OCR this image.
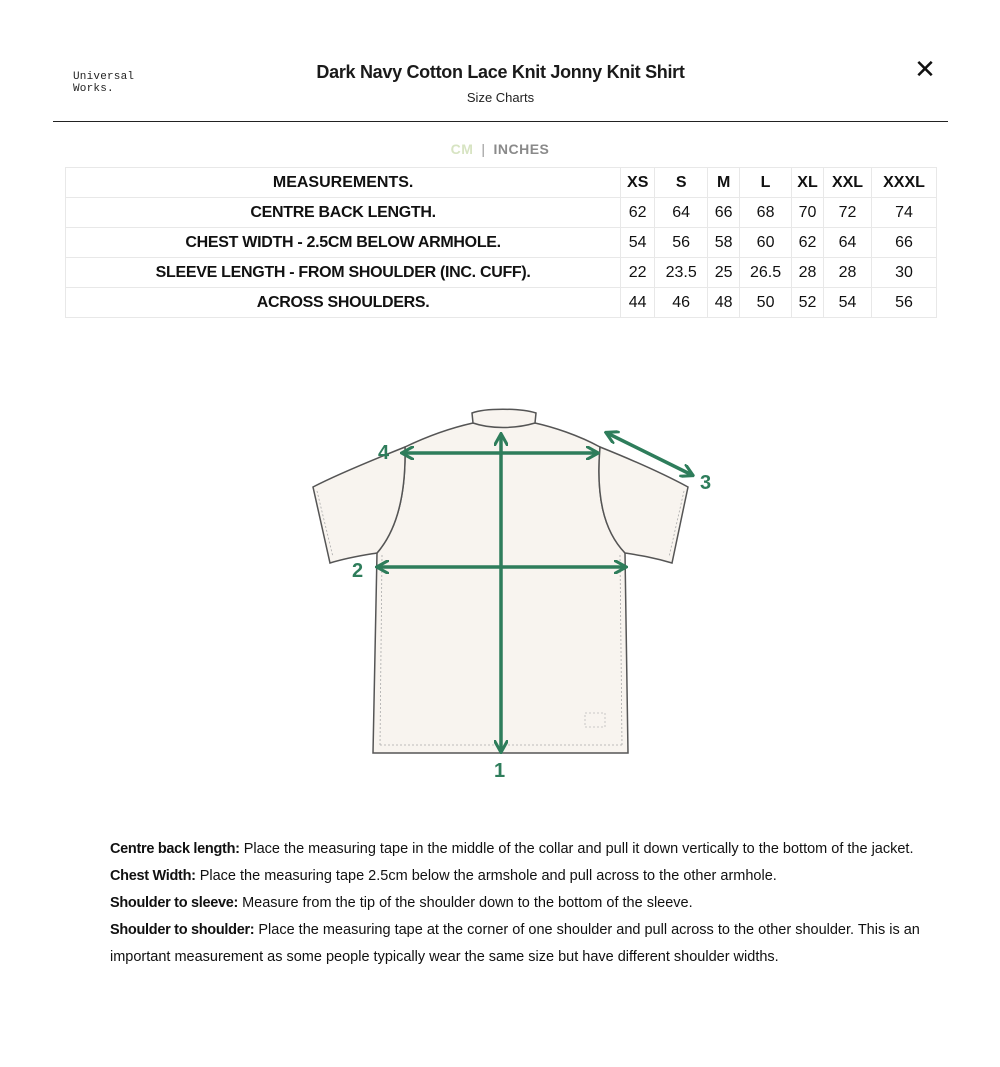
Universal
Works.
Dark Navy Cotton Lace Knit Jonny Knit Shirt
Size Charts
✕
CM | INCHES
MEASUREMENTS.	XS	S	M	L	XL	XXL	XXXL
CENTRE BACK LENGTH.	62	64	66	68	70	72	74
CHEST WIDTH - 2.5CM BELOW ARMHOLE.	54	56	58	60	62	64	66
SLEEVE LENGTH - FROM SHOULDER (INC. CUFF).	22	23.5	25	26.5	28	28	30
ACROSS SHOULDERS.	44	46	48	50	52	54	56
1
2
3
4
Centre back length: Place the measuring tape in the middle of the collar and pull it down vertically to the bottom of the jacket.
Chest Width: Place the measuring tape 2.5cm below the armshole and pull across to the other armhole.
Shoulder to sleeve: Measure from the tip of the shoulder down to the bottom of the sleeve.
Shoulder to shoulder: Place the measuring tape at the corner of one shoulder and pull across to the other shoulder. This is an important measurement as some people typically wear the same size but have different shoulder widths.
